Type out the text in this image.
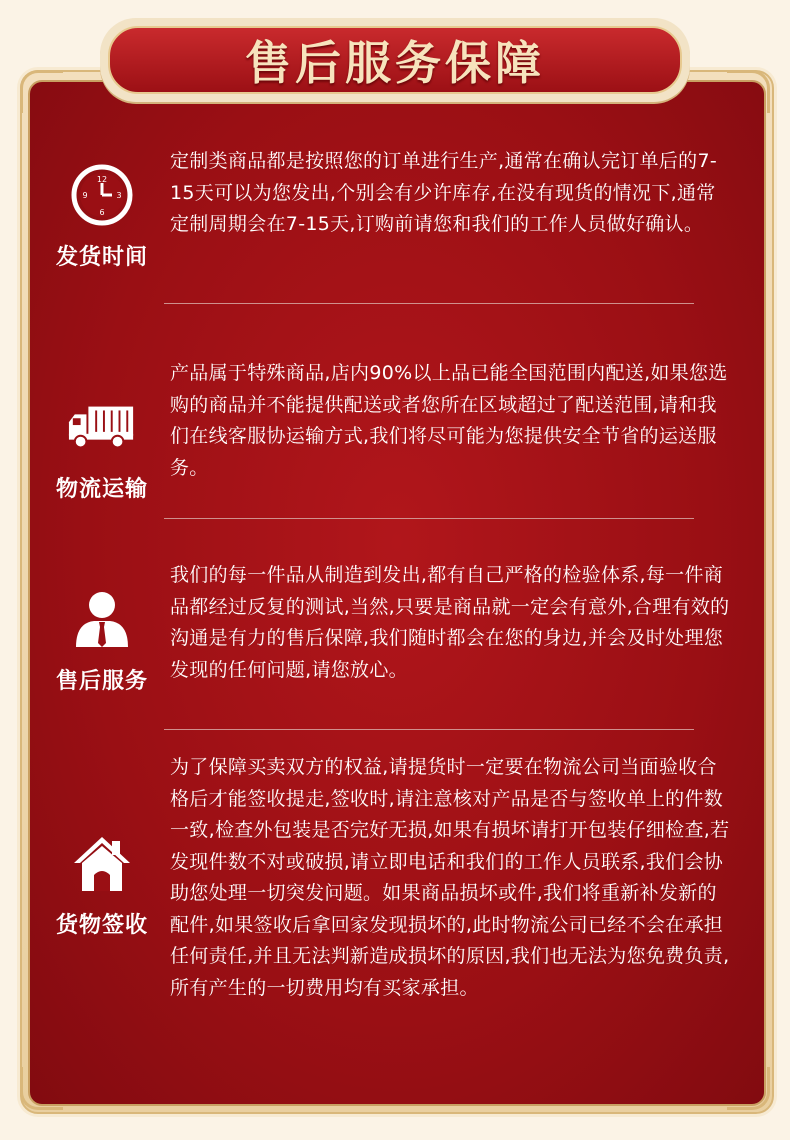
售后服务保障
12
3
6
9
发货时间
定制类商品都是按照您的订单进行生产,通常在确认完订单后的7-15天可以为您发出,个别会有少许库存,在没有现货的情况下,通常定制周期会在7-15天,订购前请您和我们的工作人员做好确认。
物流运输
产品属于特殊商品,店内90%以上品已能全国范围内配送,如果您选购的商品并不能提供配送或者您所在区域超过了配送范围,请和我们在线客服协运输方式,我们将尽可能为您提供安全节省的运送服务。
售后服务
我们的每一件品从制造到发出,都有自己严格的检验体系,每一件商品都经过反复的测试,当然,只要是商品就一定会有意外,合理有效的沟通是有力的售后保障,我们随时都会在您的身边,并会及时处理您发现的任何问题,请您放心。
货物签收
为了保障买卖双方的权益,请提货时一定要在物流公司当面验收合格后才能签收提走,签收时,请注意核对产品是否与签收单上的件数一致,检查外包装是否完好无损,如果有损坏请打开包装仔细检查,若发现件数不对或破损,请立即电话和我们的工作人员联系,我们会协助您处理一切突发问题。如果商品损坏或件,我们将重新补发新的配件,如果签收后拿回家发现损坏的,此时物流公司已经不会在承担任何责任,并且无法判新造成损坏的原因,我们也无法为您免费负责,所有产生的一切费用均有买家承担。
